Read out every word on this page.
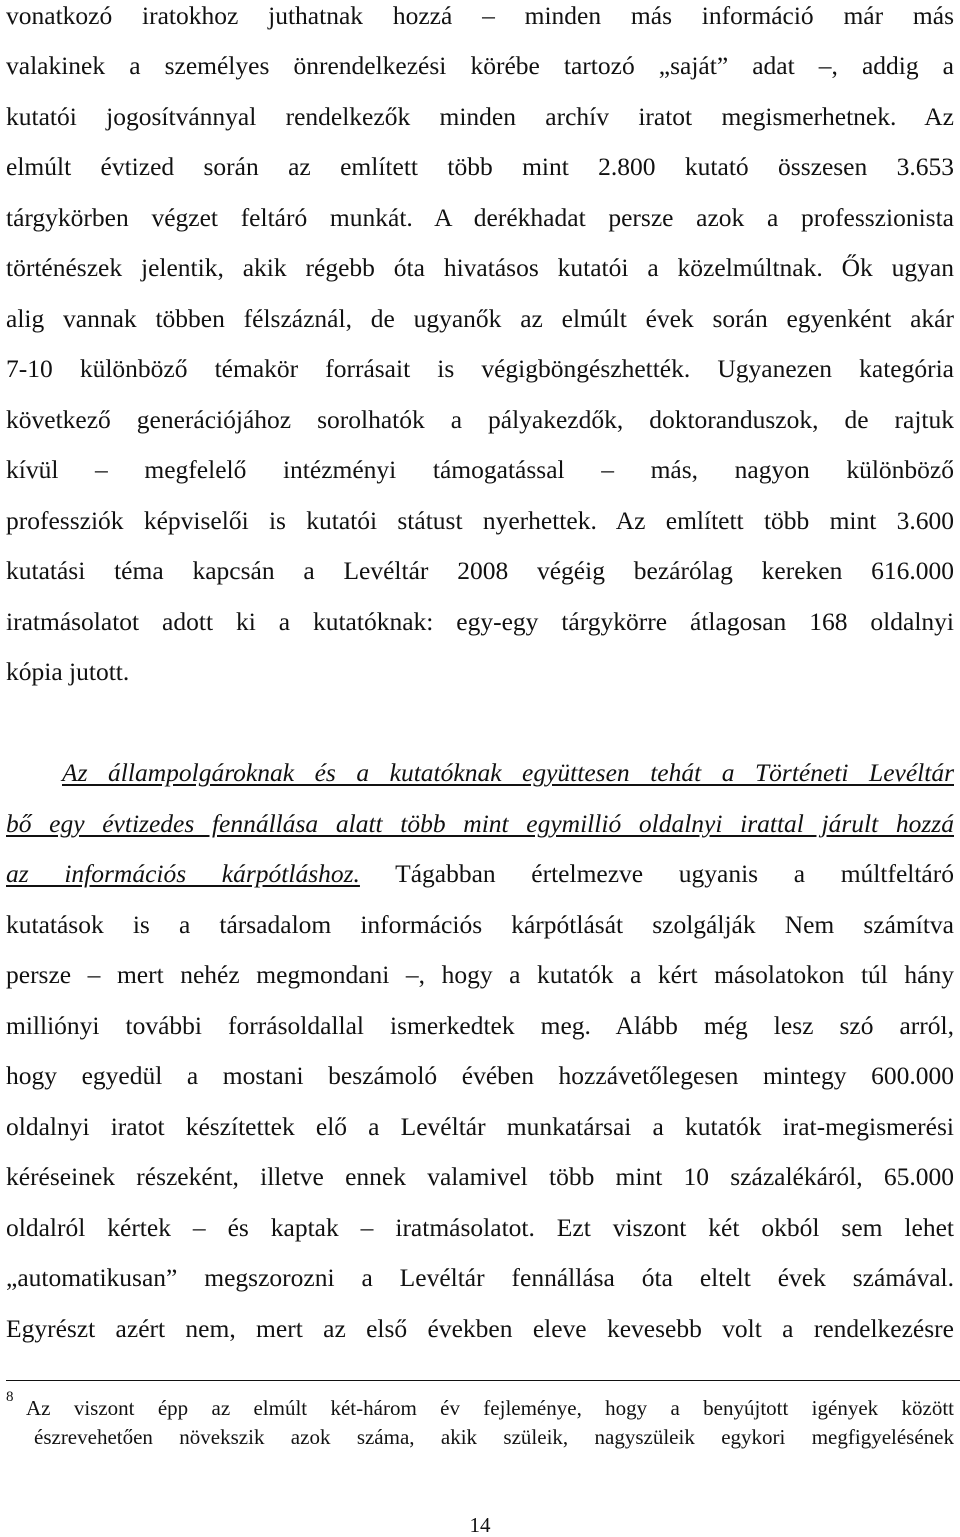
vonatkozó iratokhoz juthatnak hozzá – minden más információ már más
valakinek a személyes önrendelkezési körébe tartozó „saját” adat –, addig a
kutatói jogosítvánnyal rendelkezők minden archív iratot megismerhetnek. Az
elmúlt évtized során az említett több mint 2.800 kutató összesen 3.653
tárgykörben végzet feltáró munkát. A derékhadat persze azok a professzionista
történészek jelentik, akik régebb óta hivatásos kutatói a közelmúltnak. Ők ugyan
alig vannak többen félszáznál, de ugyanők az elmúlt évek során egyenként akár
7-10 különböző témakör forrásait is végigböngészhették. Ugyanezen kategória
következő generációjához sorolhatók a pályakezdők, doktoranduszok, de rajtuk
kívül – megfelelő intézményi támogatással – más, nagyon különböző
professziók képviselői is kutatói státust nyerhettek. Az említett több mint 3.600
kutatási téma kapcsán a Levéltár 2008 végéig bezárólag kereken 616.000
iratmásolatot adott ki a kutatóknak: egy-egy tárgykörre átlagosan 168 oldalnyi
kópia jutott.
Az állampolgároknak és a kutatóknak együttesen tehát a Történeti Levéltár
bő egy évtizedes fennállása alatt több mint egymillió oldalnyi irattal járult hozzá
az információs kárpótláshoz. Tágabban értelmezve ugyanis a múltfeltáró
kutatások is a társadalom információs kárpótlását szolgálják Nem számítva
persze – mert nehéz megmondani –, hogy a kutatók a kért másolatokon túl hány
milliónyi további forrásoldallal ismerkedtek meg. Alább még lesz szó arról,
hogy egyedül a mostani beszámoló évében hozzávetőlegesen mintegy 600.000
oldalnyi iratot készítettek elő a Levéltár munkatársai a kutatók irat-megismerési
kéréseinek részeként, illetve ennek valamivel több mint 10 százalékáról, 65.000
oldalról kértek – és kaptak – iratmásolatot. Ezt viszont két okból sem lehet
„automatikusan” megszorozni a Levéltár fennállása óta eltelt évek számával.
Egyrészt azért nem, mert az első években eleve kevesebb volt a rendelkezésre
8 Az viszont épp az elmúlt két-három év fejleménye, hogy a benyújtott igények között
észrevehetően növekszik azok száma, akik szüleik, nagyszüleik egykori megfigyelésének
14
